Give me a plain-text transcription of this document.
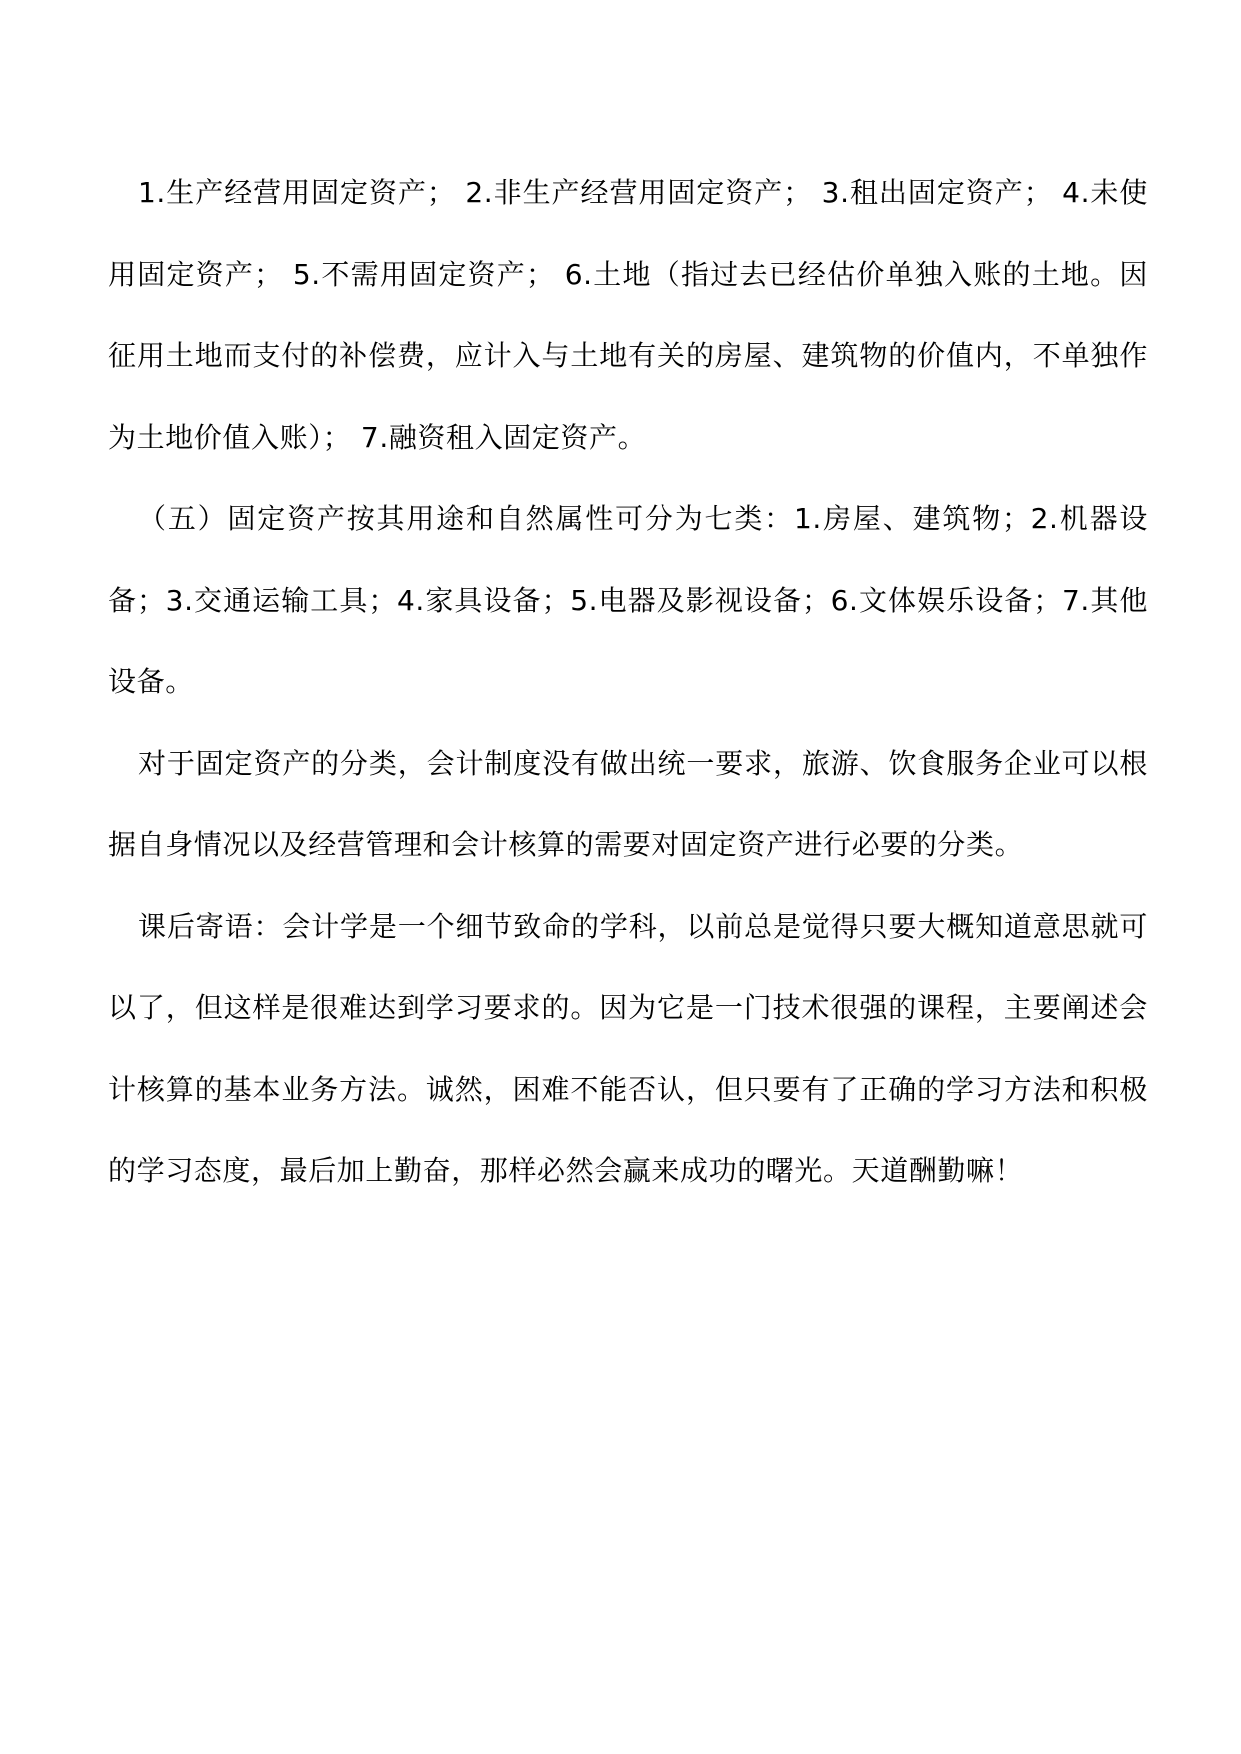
1.生产经营用固定资产； 2.非生产经营用固定资产； 3.租出固定资产； 4.未使用固定资产； 5.不需用固定资产； 6.土地（指过去已经估价单独入账的土地。因征用土地而支付的补偿费，应计入与土地有关的房屋、建筑物的价值内，不单独作为土地价值入账）； 7.融资租入固定资产。

（五）固定资产按其用途和自然属性可分为七类：1.房屋、建筑物；2.机器设备；3.交通运输工具；4.家具设备；5.电器及影视设备；6.文体娱乐设备；7.其他设备。

对于固定资产的分类，会计制度没有做出统一要求，旅游、饮食服务企业可以根据自身情况以及经营管理和会计核算的需要对固定资产进行必要的分类。

课后寄语：会计学是一个细节致命的学科，以前总是觉得只要大概知道意思就可以了，但这样是很难达到学习要求的。因为它是一门技术很强的课程，主要阐述会计核算的基本业务方法。诚然，困难不能否认，但只要有了正确的学习方法和积极的学习态度，最后加上勤奋，那样必然会赢来成功的曙光。天道酬勤嘛！
